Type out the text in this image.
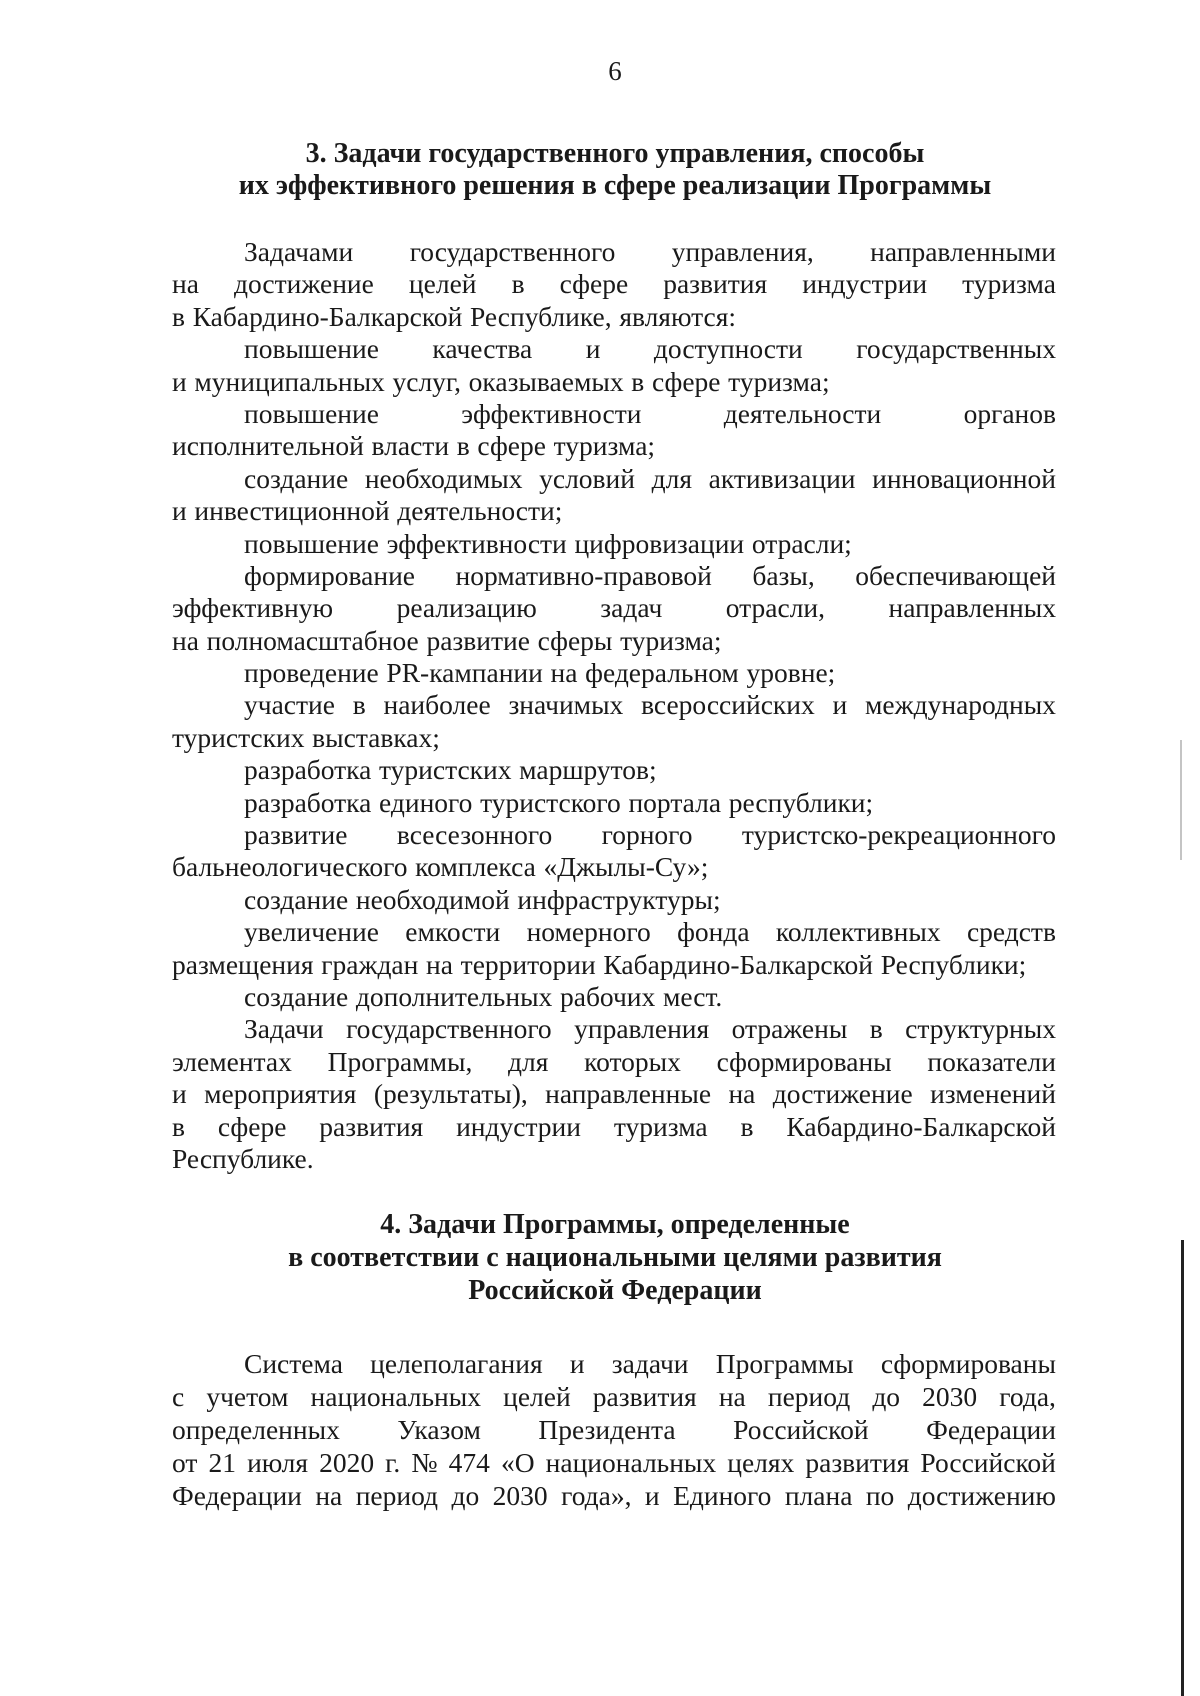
6
3. Задачи государственного управления, способы
их эффективного решения в сфере реализации Программы
Задачами государственного управления, направленными
на достижение целей в сфере развития индустрии туризма
в Кабардино-Балкарской Республике, являются:
повышение качества и доступности государственных
и муниципальных услуг, оказываемых в сфере туризма;
повышение	эффективности	деятельности	органов
исполнительной власти в сфере туризма;
создание необходимых условий для активизации инновационной
и инвестиционной деятельности;
повышение эффективности цифровизации отрасли;
формирование нормативно-правовой базы, обеспечивающей
эффективную реализацию задач отрасли, направленных
на полномасштабное развитие сферы туризма;
проведение PR-кампании на федеральном уровне;
участие в наиболее значимых всероссийских и международных
туристских выставках;
разработка туристских маршрутов;
разработка единого туристского портала республики;
развитие всесезонного горного туристско-рекреационного
бальнеологического комплекса «Джылы-Су»;
создание необходимой инфраструктуры;
увеличение емкости номерного фонда коллективных средств
размещения граждан на территории Кабардино-Балкарской Республики;
создание дополнительных рабочих мест.
Задачи государственного управления отражены в структурных
элементах Программы, для которых сформированы показатели
и мероприятия (результаты), направленные на достижение изменений
в сфере развития индустрии туризма в Кабардино-Балкарской
Республике.
4. Задачи Программы, определенные
в соответствии с национальными целями развития
Российской Федерации
Система целеполагания и задачи Программы сформированы
с учетом национальных целей развития на период до 2030 года,
определенных Указом Президента Российской Федерации
от 21 июля 2020 г. № 474 «О национальных целях развития Российской
Федерации на период до 2030 года», и Единого плана по достижению
